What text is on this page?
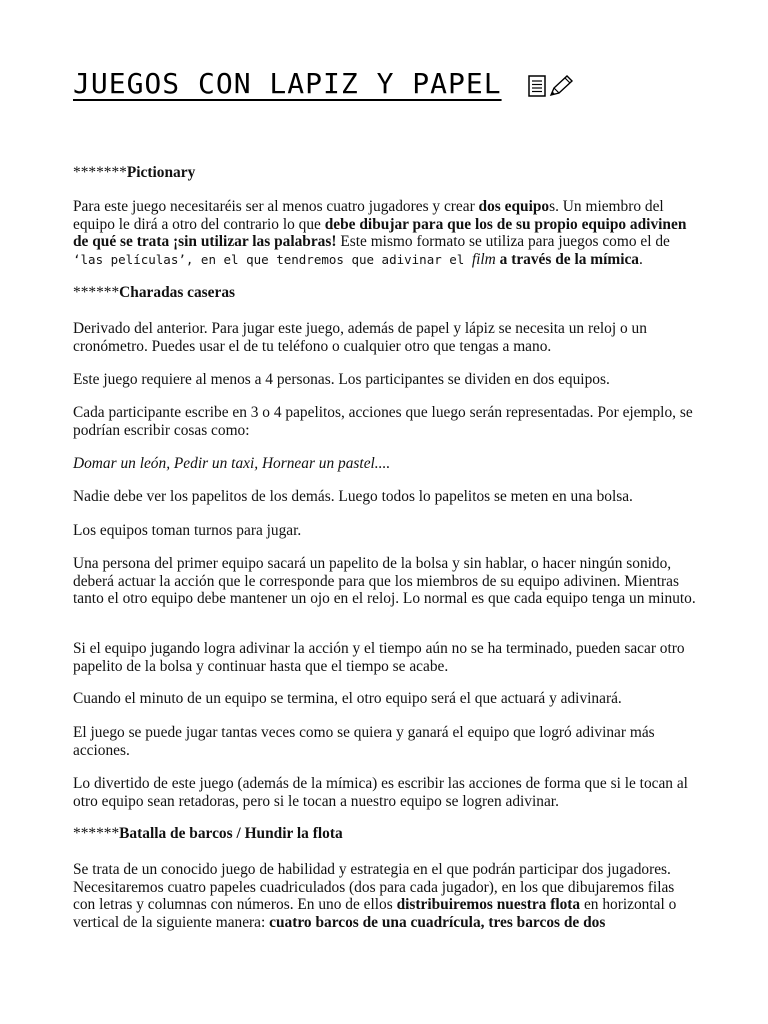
JUEGOS CON LAPIZ Y PAPEL
*******Pictionary

Para este juego necesitaréis ser al menos cuatro jugadores y crear dos equipos. Un miembro del equipo le dirá a otro del contrario lo que debe dibujar para que los de su propio equipo adivinen de qué se trata ¡sin utilizar las palabras! Este mismo formato se utiliza para juegos como el de ‘las películas’, en el que tendremos que adivinar el film a través de la mímica.

******Charadas caseras
Derivado del anterior. Para jugar este juego, además de papel y lápiz se necesita un reloj o un cronómetro. Puedes usar el de tu teléfono o cualquier otro que tengas a mano.
Este juego requiere al menos a 4 personas. Los participantes se dividen en dos equipos.
Cada participante escribe en 3 o 4 papelitos, acciones que luego serán representadas. Por ejemplo, se podrían escribir cosas como:
Domar un león, Pedir un taxi, Hornear un pastel....
Nadie debe ver los papelitos de los demás. Luego todos lo papelitos se meten en una bolsa.
Los equipos toman turnos para jugar.
Una persona del primer equipo sacará un papelito de la bolsa y sin hablar, o hacer ningún sonido, deberá actuar la acción que le corresponde para que los miembros de su equipo adivinen. Mientras tanto el otro equipo debe mantener un ojo en el reloj. Lo normal es que cada equipo tenga un minuto.
Si el equipo jugando logra adivinar la acción y el tiempo aún no se ha terminado, pueden sacar otro papelito de la bolsa y continuar hasta que el tiempo se acabe.
Cuando el minuto de un equipo se termina, el otro equipo será el que actuará y adivinará.
El juego se puede jugar tantas veces como se quiera y ganará el equipo que logró adivinar más acciones.
Lo divertido de este juego (además de la mímica) es escribir las acciones de forma que si le tocan al otro equipo sean retadoras, pero si le tocan a nuestro equipo se logren adivinar.
******Batalla de barcos / Hundir la flota

Se trata de un conocido juego de habilidad y estrategia en el que podrán participar dos jugadores. Necesitaremos cuatro papeles cuadriculados (dos para cada jugador), en los que dibujaremos filas con letras y columnas con números. En uno de ellos distribuiremos nuestra flota en horizontal o vertical de la siguiente manera: cuatro barcos de una cuadrícula, tres barcos de dos
